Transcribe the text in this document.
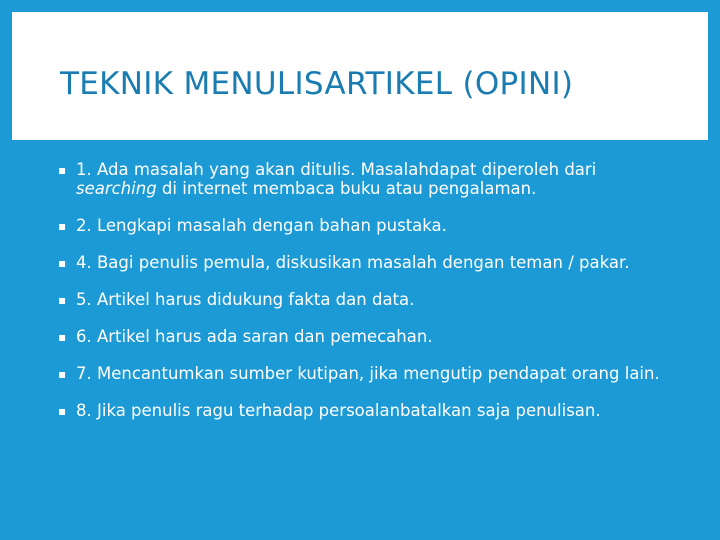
TEKNIK MENULISARTIKEL (OPINI)
▪ 1. Ada masalah yang akan ditulis. Masalahdapat diperoleh dari searching di internet membaca buku atau pengalaman.
▪ 2. Lengkapi masalah dengan bahan pustaka.
▪ 4. Bagi penulis pemula, diskusikan masalah dengan teman / pakar.
▪ 5. Artikel harus didukung fakta dan data.
▪ 6. Artikel harus ada saran dan pemecahan.
▪ 7. Mencantumkan sumber kutipan, jika mengutip pendapat orang lain.
▪ 8. Jika penulis ragu terhadap persoalanbatalkan saja penulisan.
